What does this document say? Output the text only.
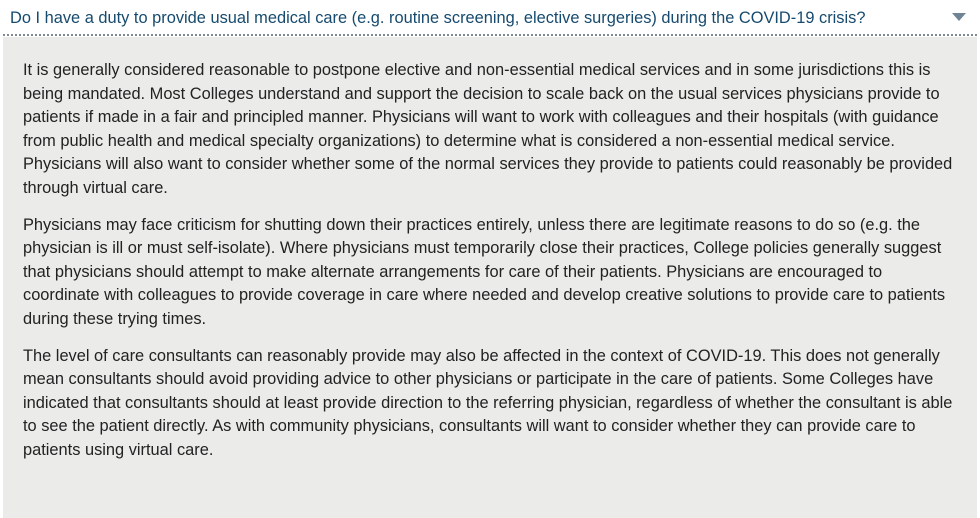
Do I have a duty to provide usual medical care (e.g. routine screening, elective surgeries) during the COVID-19 crisis?

It is generally considered reasonable to postpone elective and non-essential medical services and in some jurisdictions this is being mandated. Most Colleges understand and support the decision to scale back on the usual services physicians provide to patients if made in a fair and principled manner. Physicians will want to work with colleagues and their hospitals (with guidance from public health and medical specialty organizations) to determine what is considered a non-essential medical service. Physicians will also want to consider whether some of the normal services they provide to patients could reasonably be provided through virtual care.

Physicians may face criticism for shutting down their practices entirely, unless there are legitimate reasons to do so (e.g. the physician is ill or must self-isolate). Where physicians must temporarily close their practices, College policies generally suggest that physicians should attempt to make alternate arrangements for care of their patients. Physicians are encouraged to coordinate with colleagues to provide coverage in care where needed and develop creative solutions to provide care to patients during these trying times.

The level of care consultants can reasonably provide may also be affected in the context of COVID-19. This does not generally mean consultants should avoid providing advice to other physicians or participate in the care of patients. Some Colleges have indicated that consultants should at least provide direction to the referring physician, regardless of whether the consultant is able to see the patient directly. As with community physicians, consultants will want to consider whether they can provide care to patients using virtual care.
